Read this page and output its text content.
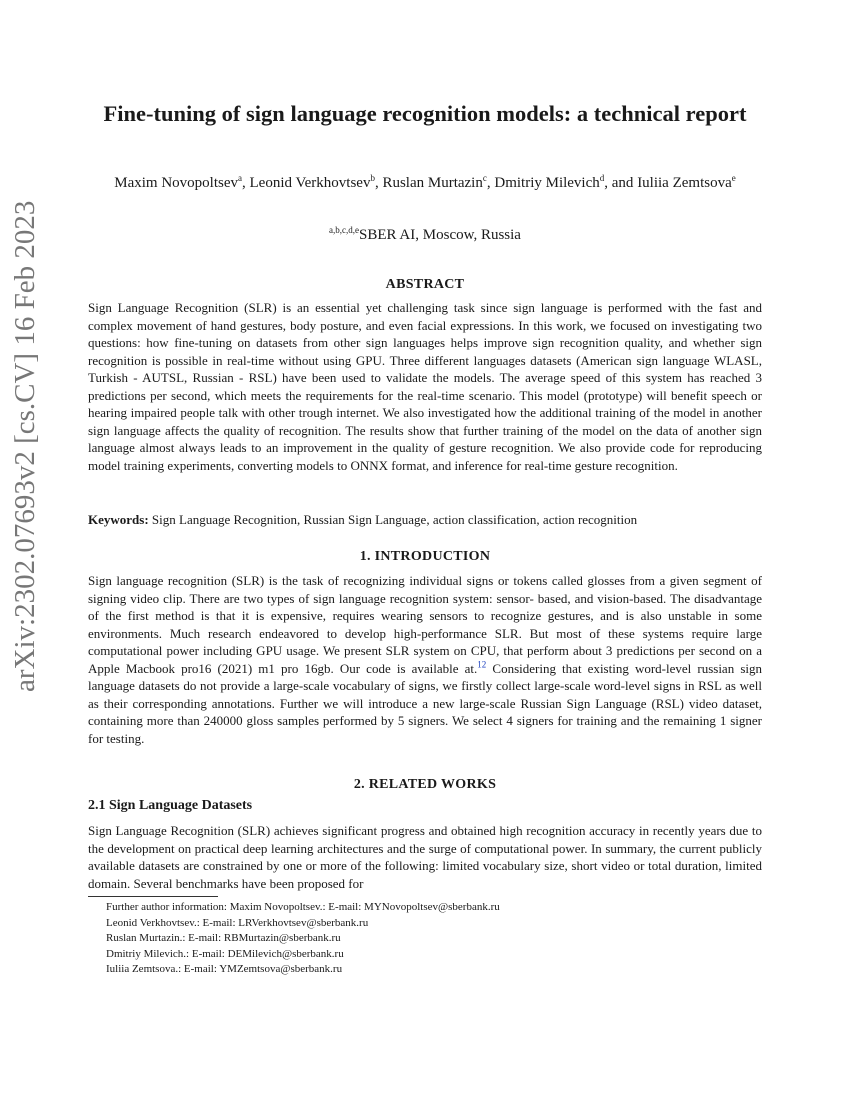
arXiv:2302.07693v2 [cs.CV] 16 Feb 2023
Fine-tuning of sign language recognition models: a technical report
Maxim Novopoltsev$^a$, Leonid Verkhovtsev$^b$, Ruslan Murtazin$^c$, Dmitriy Milevich$^d$, and Iuliia Zemtsova$^e$
$^{a,b,c,d,e}$SBER AI, Moscow, Russia
ABSTRACT

Sign Language Recognition (SLR) is an essential yet challenging task since sign language is performed with the fast and complex movement of hand gestures, body posture, and even facial expressions. In this work, we focused on investigating two questions: how fine-tuning on datasets from other sign languages helps improve sign recognition quality, and whether sign recognition is possible in real-time without using GPU. Three different languages datasets (American sign language WLASL, Turkish - AUTSL, Russian - RSL) have been used to validate the models. The average speed of this system has reached 3 predictions per second, which meets the requirements for the real-time scenario. This model (prototype) will benefit speech or hearing impaired people talk with other trough internet. We also investigated how the additional training of the model in another sign language affects the quality of recognition. The results show that further training of the model on the data of another sign language almost always leads to an improvement in the quality of gesture recognition. We also provide code for reproducing model training experiments, converting models to ONNX format, and inference for real-time gesture recognition.

Keywords: Sign Language Recognition, Russian Sign Language, action classification, action recognition
1. INTRODUCTION

Sign language recognition (SLR) is the task of recognizing individual signs or tokens called glosses from a given segment of signing video clip. There are two types of sign language recognition system: sensor- based, and vision-based. The disadvantage of the first method is that it is expensive, requires wearing sensors to recognize gestures, and is also unstable in some environments. Much research endeavored to develop high-performance SLR. But most of these systems require large computational power including GPU usage. We present SLR system on CPU, that perform about 3 predictions per second on a Apple Macbook pro16 (2021) m1 pro 16gb. Our code is available at.$^{12}$ Considering that existing word-level russian sign language datasets do not provide a large-scale vocabulary of signs, we firstly collect large-scale word-level signs in RSL as well as their corresponding annotations. Further we will introduce a new large-scale Russian Sign Language (RSL) video dataset, containing more than 240000 gloss samples performed by 5 signers. We select 4 signers for training and the remaining 1 signer for testing.

2. RELATED WORKS
2.1 Sign Language Datasets

Sign Language Recognition (SLR) achieves significant progress and obtained high recognition accuracy in recently years due to the development on practical deep learning architectures and the surge of computational power. In summary, the current publicly available datasets are constrained by one or more of the following: limited vocabulary size, short video or total duration, limited domain. Several benchmarks have been proposed for

Further author information: Maxim Novopoltsev.: E-mail: MYNovopoltsev@sberbank.ru
Leonid Verkhovtsev.: E-mail: LRVerkhovtsev@sberbank.ru
Ruslan Murtazin.: E-mail: RBMurtazin@sberbank.ru
Dmitriy Milevich.: E-mail: DEMilevich@sberbank.ru
Iuliia Zemtsova.: E-mail: YMZemtsova@sberbank.ru
